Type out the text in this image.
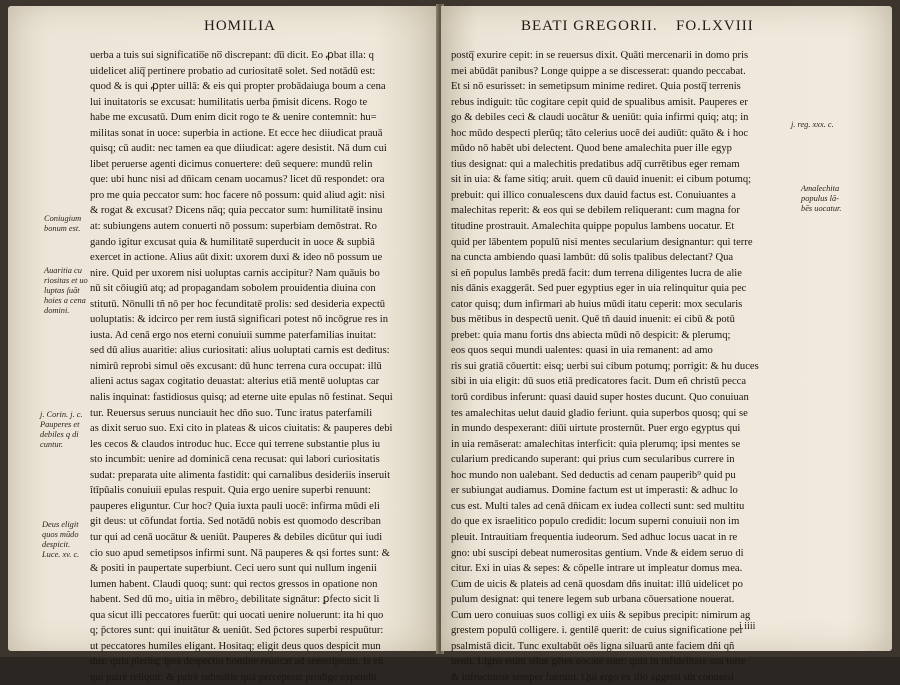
HOMILIA
uerba a tuis sui significatio̅e no̅ discrepant: du̅ dicit. Eo ꝓbat illa: q
uidelicet aliq̅ pertinere probatio ad curiositatē solet. Sed notādū est:
quod & is qui ꝓpter uillā: & eis qui propter probādaiuga boum a cena
lui inuitatoris se excusat: humilitatis uerba p̄misit dicens. Rogo te
habe me excusatū. Dum enim dicit rogo te & uenire contemnit: hu=
militas sonat in uoce: superbia in actione. Et ecce hec diiudicat prauā
quisq; cū audit: nec tamen ea que diiudicat: agere desistit. Nā dum cui
libet peruerse agenti dicimus conuertere: deū sequere: mundū relin
que: ubi hunc nisi ad dn̄icam cenam uocamus? licet dū respondet: ora
pro me quia peccator sum: hoc facere nō possum: quid aliud agit: nisi
& rogat & excusat? Dicens nāq; quia peccator sum: humilitatē insinu
at: subiungens autem conuerti nō possum: superbiam demōstrat. Ro
gando igitur excusat quia & humilitatē superducit in uoce & supbiā
exercet in actione. Alius aūt dixit: uxorem duxi & ideo nō possum ue
nire. Quid per uxorem nisi uoluptas carnis accipitur? Nam quāuis bo
nū sit cōiugiū atq; ad propagandam sobolem prouidentia diuina con
stitutū. Nōnulli tñ nō per hoc fecunditatē prolis: sed desideria expectū
uoluptatis: & idcirco per rem iustā significari potest nō incōgrue res in
iusta. Ad cenā ergo nos eterni conuiuii summe paterfamilias inuitat:
sed dū alius auaritie: alius curiositati: alius uoluptati carnis est deditus:
nimirū reprobi simul oēs excusant: dū hunc terrena cura occupat: illū
alieni actus sagax cogitatio deuastat: alterius etiā mentē uoluptas car
nalis inquinat: fastidiosus quisq; ad eterne uite epulas nō festinat. Sequi
tur. Reuersus seruus nunciauit hec dño suo. Tunc iratus paterfamili
as dixit seruo suo. Exi cito in plateas & uicos ciuitatis: & pauperes debi
les cecos & claudos introduc huc. Ecce qui terrene substantie plus iu
sto incumbit: uenire ad dominicā cena recusat: qui labori curiositatis
sudat: preparata uite alimenta fastidit: qui carnalibus desideriis inseruit
ītīpūalis conuiuii epulas respuit. Quia ergo uenire superbi renuunt:
pauperes eliguntur. Cur hoc? Quia iuxta pauli uocē: infirma mūdi eli
git deus: ut cōfundat fortia. Sed notādū nobis est quomodo describan
tur qui ad cenā uocātur & ueniūt. Pauperes & debiles dicūtur qui iudi
cio suo apud semetipsos infirmi sunt. Nā pauperes & qsi fortes sunt: &
& positi in paupertate superbiunt. Ceci uero sunt qui nullum ingenii
lumen habent. Claudi quoq; sunt: qui rectos gressos in opatione non
habent. Sed dū mo₂ uitia in mēbro₂ debilitate signātur: ꝑfecto sicit li
qua sicut illi peccatores fuerūt: qui uocati uenire noluerunt: ita hi quo
q; p̄ctores sunt: qui inuitātur & ueniūt. Sed p̄ctores superbi respuūtur:
ut peccatores humiles eligant. Hositaq; eligit deus quos despicit mun
dus: quia plerūq; ipsa despectio homine reuocat ad semetipsum. Is eñ
qui patrē reliquit: & patrē substātie quā perceperat prodige expendit
Coniugium
bonum est.
Auaritia cu
riositas et uo
luptas ſuāt
hoies a cena
domini.
j. Corin. j. c.
Pauperes et
debiles q di
cuntur.
Deus eligit
quos mūdo
despicit.
Luce. xv. c.
BEATI GREGORII. FO.LXVIII
postq̅ exurire cepit: in se reuersus dixit. Quāti mercenarii in domo pris
mei abūdāt panibus? Longe quippe a se discesserat: quando peccabat.
Et si nō esurisset: in semetipsum minime rediret. Quia postq̅ terrenis
rebus indiguit: tūc cogitare cepit quid de spualibus amisit. Pauperes er
go & debiles ceci & claudi uocātur & ueniūt: quia infirmi quiq; atq; in
hoc mūdo despecti plerūq; tāto celerius uocē dei audiūt: quāto & i hoc
mūdo nō habēt ubi delectent. Quod bene amalechita puer ille egyp
tius designat: qui a malechitis predatibus adq̅ currētibus eger remam
sit in uia: & fame sitiq; aruit. quem cū dauid inuenit: ei cibum potumq;
prebuit: qui illico conualescens dux dauid factus est. Conuiuantes a
malechitas reperit: & eos qui se debilem reliquerant: cum magna for
titudine prostrauit. Amalechita quippe populus lambens uocatur. Et
quid per lābentem populū nisi mentes secularium designantur: qui terre
na cuncta ambiendo quasi lambūt: dū solis tpalibus delectant? Qua
si eñ populus lambēs predā facit: dum terrena diligentes lucra de alie
nis dānis exaggerāt. Sed puer egyptius eger in uia relinquitur quia pec
cator quisq; dum infirmari ab huius mūdi itatu ceperit: mox secularis
bus mētibus in despectū uenit. Quē tñ dauid inuenit: ei cibū & potū
prebet: quia manu fortis dns abiecta mūdi nō despicit: & plerumq;
eos quos sequi mundi ualentes: quasi in uia remanent: ad amo
ris sui gratiā cōuertit: eisq; uerbi sui cibum potumq; porrigit: & hu duces
sibi in uia eligit: dū suos etiā predicatores facit. Dum eñ christū pecca
torū cordibus inferunt: quasi dauid super hostes ducunt. Quo conuiuan
tes amalechitas uelut dauid gladio feriunt. quia superbos quosq; qui se
in mundo despexerant: diūi uirtute prosternūt. Puer ergo egyptus qui
in uia remāserat: amalechitas interficit: quia plerumq; ipsi mentes se
cularium predicando superant: qui prius cum secularibus currere in
hoc mundo non ualebant. Sed deductis ad cenam pauperib⁹ quid pu
er subiungat audiamus. Domine factum est ut imperasti: & adhuc lo
cus est. Multi tales ad cenā dn̄icam ex iudea collecti sunt: sed multitu
do que ex israelitico populo credidit: locum superni conuiuii non im
pleuit. Intrauitiam frequentia iudeorum. Sed adhuc locus uacat in re
gno: ubi suscipi debeat numerositas gentium. Vnde & eidem seruo di
citur. Exi in uias & sepes: & cōpelle intrare ut impleatur domus mea.
Cum de uicis & plateis ad cenā quosdam dñs inuitat: illū uidelicet po
pulum designat: qui tenere legem sub urbana cōuersatione nouerat.
Cum uero conuiuas suos colligi ex uiis & sepibus precipit: nimirum ag
grestem populū colligere. i. gentilē querit: de cuius significatione per
psalmistā dicit. Tunc exultabūt oēs ligna siluarū ante faciem dñi qñ
uenit. Ligna enim silue gētes uocate sunt: quia in infidelitate sua torte
& infructuose semper fuerunt. Qui ergo ex illo aggesti sūt conuersi
j. reg. xxx. c.
Amalechita
populus lā-
bēs uocatur.
i iiii
